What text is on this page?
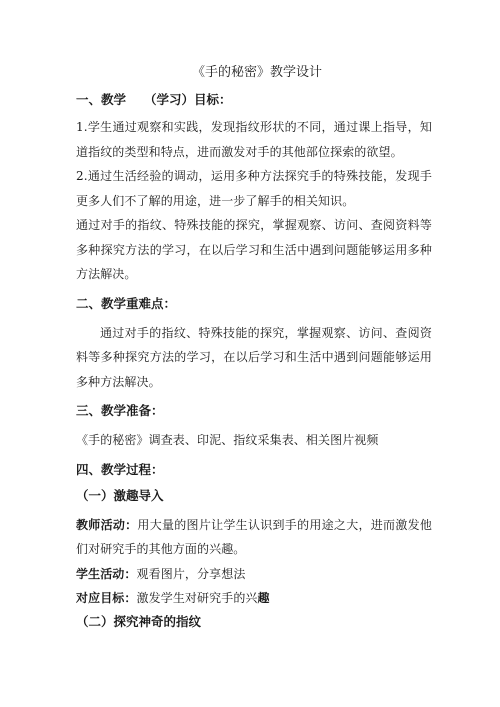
《手的秘密》教学设计
一、教学 （学习）目标：

1.学生通过观察和实践，发现指纹形状的不同，通过课上指导，知道指纹的类型和特点，进而激发对手的其他部位探索的欲望。

2.通过生活经验的调动，运用多种方法探究手的特殊技能，发现手更多人们不了解的用途，进一步了解手的相关知识。

通过对手的指纹、特殊技能的探究，掌握观察、访问、查阅资料等多种探究方法的学习，在以后学习和生活中遇到问题能够运用多种方法解决。

二、教学重难点：

通过对手的指纹、特殊技能的探究，掌握观察、访问、查阅资料等多种探究方法的学习，在以后学习和生活中遇到问题能够运用多种方法解决。

三、教学准备：

《手的秘密》调查表、印泥、指纹采集表、相关图片视频

四、教学过程：
（一）激趣导入

教师活动：用大量的图片让学生认识到手的用途之大，进而激发他们对研究手的其他方面的兴趣。

学生活动：观看图片，分享想法

对应目标：激发学生对研究手的兴趣

（二）探究神奇的指纹
